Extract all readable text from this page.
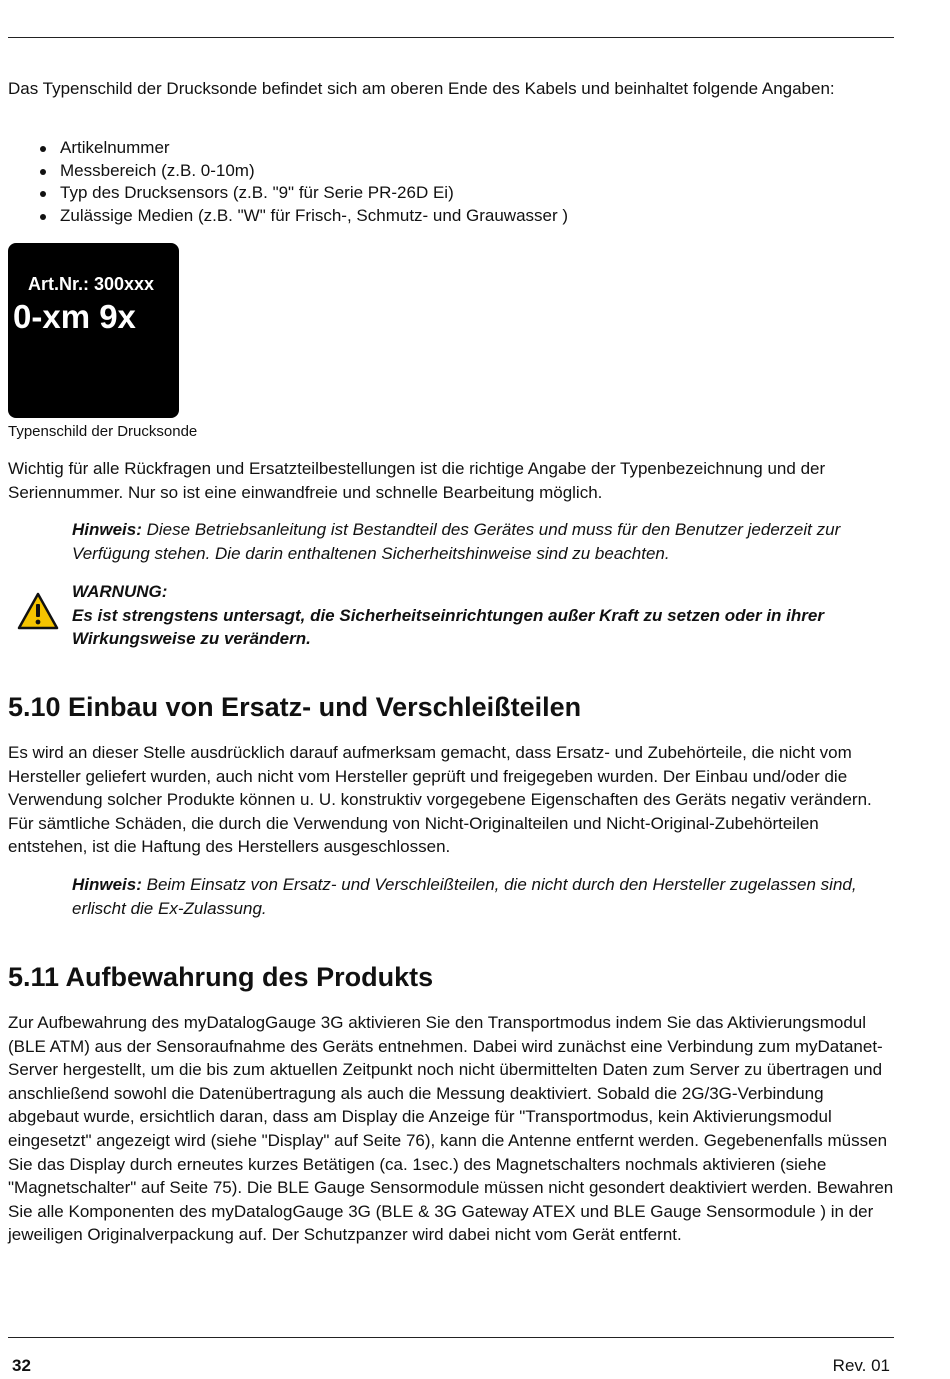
Das Typenschild der Drucksonde befindet sich am oberen Ende des Kabels und beinhaltet folgende Angaben:

Artikelnummer
Messbereich (z.B. 0-10m)
Typ des Drucksensors (z.B. "9" für Serie PR-26D Ei)
Zulässige Medien (z.B. "W" für Frisch-, Schmutz- und Grauwasser )
Art.Nr.: 300xxx
0-xm 9x
Typenschild der Drucksonde

Wichtig für alle Rückfragen und Ersatzteilbestellungen ist die richtige Angabe der Typenbezeichnung und der Seriennummer. Nur so ist eine einwandfreie und schnelle Bearbeitung möglich.

Hinweis: Diese Betriebsanleitung ist Bestandteil des Gerätes und muss für den Benutzer jederzeit zur Verfügung stehen. Die darin enthaltenen Sicherheitshinweise sind zu beachten.

WARNUNG:
Es ist strengstens untersagt, die Sicherheitseinrichtungen außer Kraft zu setzen oder in ihrer Wirkungsweise zu verändern.
5.10 Einbau von Ersatz- und Verschleißteilen

Es wird an dieser Stelle ausdrücklich darauf aufmerksam gemacht, dass Ersatz- und Zubehörteile, die nicht vom Hersteller geliefert wurden, auch nicht vom Hersteller geprüft und freigegeben wurden. Der Einbau und/oder die Verwendung solcher Produkte können u. U. konstruktiv vorgegebene Eigenschaften des Geräts negativ verändern. Für sämtliche Schäden, die durch die Verwendung von Nicht-Originalteilen und Nicht-Original-Zubehörteilen entstehen, ist die Haftung des Herstellers ausgeschlossen.

Hinweis: Beim Einsatz von Ersatz- und Verschleißteilen, die nicht durch den Hersteller zugelassen sind, erlischt die Ex-Zulassung.

5.11 Aufbewahrung des Produkts

Zur Aufbewahrung des myDatalogGauge 3G aktivieren Sie den Transportmodus indem Sie das Aktivierungsmodul (BLE ATM) aus der Sensoraufnahme des Geräts entnehmen. Dabei wird zunächst eine Verbindung zum myDatanet-Server hergestellt, um die bis zum aktuellen Zeitpunkt noch nicht übermittelten Daten zum Server zu übertragen und anschließend sowohl die Datenübertragung als auch die Messung deaktiviert. Sobald die 2G/3G-Verbindung abgebaut wurde, ersichtlich daran, dass am Display die Anzeige für "Transportmodus, kein Aktivierungsmodul eingesetzt" angezeigt wird (siehe "Display" auf Seite 76), kann die Antenne entfernt werden. Gegebenenfalls müssen Sie das Display durch erneutes kurzes Betätigen (ca. 1sec.) des Magnetschalters nochmals aktivieren (siehe "Magnetschalter" auf Seite 75). Die BLE Gauge Sensormodule müssen nicht gesondert deaktiviert werden. Bewahren Sie alle Komponenten des myDatalogGauge 3G (BLE & 3G Gateway ATEX und BLE Gauge Sensormodule ) in der jeweiligen Originalverpackung auf. Der Schutzpanzer wird dabei nicht vom Gerät entfernt.

32	Rev. 01
